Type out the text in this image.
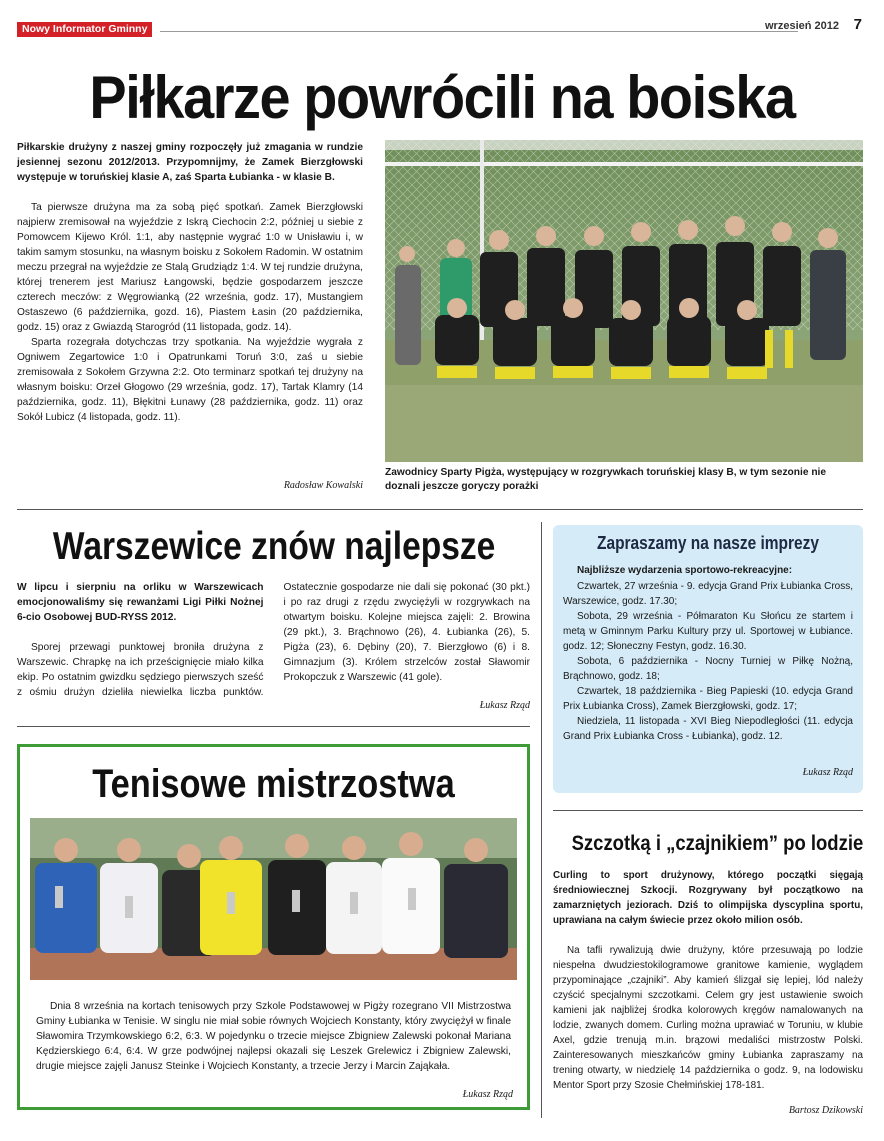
Nowy Informator Gminny	wrzesień 2012 7
Piłkarze powrócili na boiska

Piłkarskie drużyny z naszej gminy rozpoczęły już zmagania w rundzie jesiennej sezonu 2012/2013. Przypomnijmy, że Zamek Bierzgłowski występuje w toruńskiej klasie A, zaś Sparta Łubianka - w klasie B.

Ta pierwsze drużyna ma za sobą pięć spotkań. Zamek Bierzgłowski najpierw zremisował na wyjeździe z Iskrą Ciechocin 2:2, później u siebie z Pomowcem Kijewo Król. 1:1, aby następnie wygrać 1:0 w Unisławiu i, w takim samym stosunku, na własnym boisku z Sokołem Radomin. W ostatnim meczu przegrał na wyjeździe ze Stalą Grudziądz 1:4. W tej rundzie drużyna, której trenerem jest Mariusz Łangowski, będzie gospodarzem jeszcze czterech meczów: z Węgrowianką (22 września, godz. 17), Mustangiem Ostaszewo (6 października, gozd. 16), Piastem Łasin (20 października, godz. 15) oraz z Gwiazdą Starogród (11 listopada, godz. 14).

Sparta rozegrała dotychczas trzy spotkania. Na wyjeździe wygrała z Ogniwem Zegartowice 1:0 i Opatrunkami Toruń 3:0, zaś u siebie zremisowała z Sokołem Grzywna 2:2. Oto terminarz spotkań tej drużyny na własnym boisku: Orzeł Głogowo (29 września, godz. 17), Tartak Klamry (14 października, godz. 11), Błękitni Łunawy (28 października, godz. 11) oraz Sokół Lubicz (4 listopada, godz. 11).

Radosław Kowalski
Zawodnicy Sparty Pigża, występujący w rozgrywkach toruńskiej klasy B, w tym sezonie nie doznali jeszcze goryczy porażki
Warszewice znów najlepsze

W lipcu i sierpniu na orliku w Warszewicach emocjonowaliśmy się rewanżami Ligi Piłki Nożnej 6-cio Osobowej BUD-RYSS 2012.

Sporej przewagi punktowej broniła drużyna z Warszewic. Chrapkę na ich prześcignięcie miało kilka ekip. Po ostatnim gwizdku sędziego pierwszych sześć z ośmiu drużyn dzieliła niewielka liczba punktów. Ostatecznie gospodarze nie dali się pokonać (30 pkt.) i po raz drugi z rzędu zwyciężyli w rozgrywkach na otwartym boisku. Kolejne miejsca zajęli: 2. Browina (29 pkt.), 3. Brąchnowo (26), 4. Łubianka (26), 5. Pigża (23), 6. Dębiny (20), 7. Bierzgłowo (6) i 8. Gimnazjum (3). Królem strzelców został Sławomir Prokopczuk z Warszewic (41 gole).

Łukasz Rząd
Zapraszamy na nasze imprezy

Najbliższe wydarzenia sportowo-rekreacyjne:

Czwartek, 27 września - 9. edycja Grand Prix Łubianka Cross, Warszewice, godz. 17.30;

Sobota, 29 września - Półmaraton Ku Słońcu ze startem i metą w Gminnym Parku Kultury przy ul. Sportowej w Łubiance. godz. 12; Słoneczny Festyn, godz. 16.30.

Sobota, 6 października - Nocny Turniej w Piłkę Nożną, Brąchnowo, godz. 18;

Czwartek, 18 października - Bieg Papieski (10. edycja Grand Prix Łubianka Cross), Zamek Bierzgłowski, godz. 17;

Niedziela, 11 listopada - XVI Bieg Niepodległości (11. edycja Grand Prix Łubianka Cross - Łubianka), godz. 12.

Łukasz Rząd
Tenisowe mistrzostwa

Dnia 8 września na kortach tenisowych przy Szkole Podstawowej w Pigży rozegrano VII Mistrzostwa Gminy Łubianka w Tenisie. W singlu nie miał sobie równych Wojciech Konstanty, który zwyciężył w finale Sławomira Trzymkowskiego 6:2, 6:3. W pojedynku o trzecie miejsce Zbigniew Zalewski pokonał Mariana Kędzierskiego 6:4, 6:4. W grze podwójnej najlepsi okazali się Leszek Grelewicz i Zbigniew Zalewski, drugie miejsce zajęli Janusz Steinke i Wojciech Konstanty, a trzecie Jerzy i Marcin Zająkała.

Łukasz Rząd
Szczotką i „czajnikiem” po lodzie

Curling to sport drużynowy, którego początki sięgają średniowiecznej Szkocji. Rozgrywany był początkowo na zamarzniętych jeziorach. Dziś to olimpijska dyscyplina sportu, uprawiana na całym świecie przez około milion osób.

Na tafli rywalizują dwie drużyny, które przesuwają po lodzie niespełna dwudziestokilogramowe granitowe kamienie, wyglądem przypominające „czajniki”. Aby kamień ślizgał się lepiej, lód należy czyścić specjalnymi szczotkami. Celem gry jest ustawienie swoich kamieni jak najbliżej środka kolorowych kręgów namalowanych na lodzie, zwanych domem. Curling można uprawiać w Toruniu, w klubie Axel, gdzie trenują m.in. brązowi medaliści mistrzostw Polski. Zainteresowanych mieszkańców gminy Łubianka zapraszamy na trening otwarty, w niedzielę 14 października o godz. 9, na lodowisku Mentor Sport przy Szosie Chełmińskiej 178-181.

Bartosz Dzikowski
